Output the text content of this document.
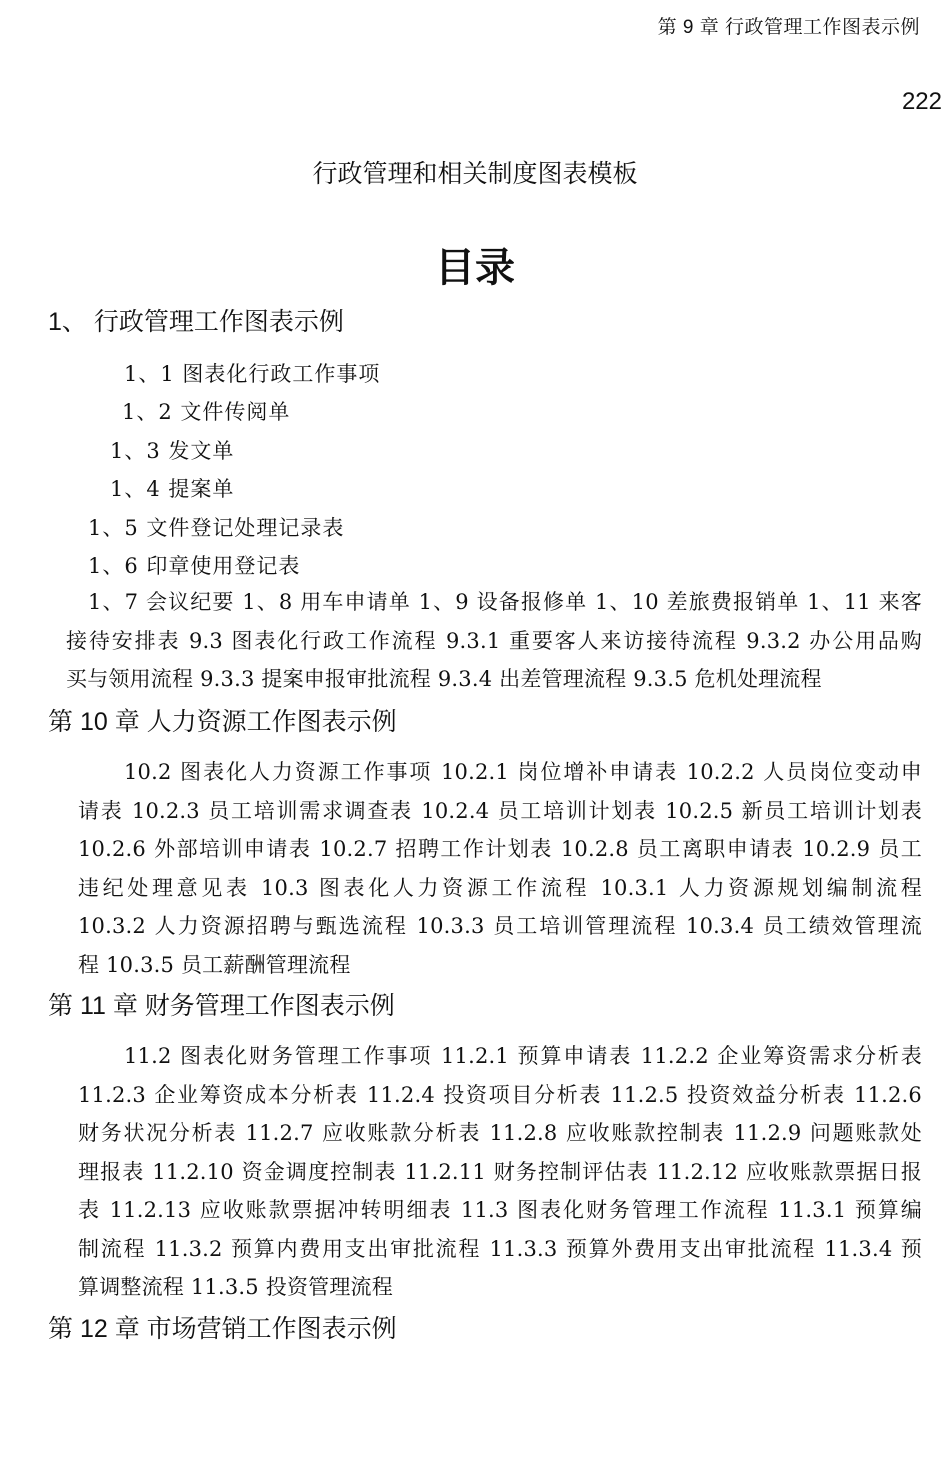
第 9 章 行政管理工作图表示例
222
行政管理和相关制度图表模板
目录
1、 行政管理工作图表示例
1、1 图表化行政工作事项
1、2 文件传阅单
1、3 发文单
1、4 提案单
1、5 文件登记处理记录表
1、6 印章使用登记表
1、7 会议纪要 1、8 用车申请单 1、9 设备报修单 1、10 差旅费报销单 1、11 来客
接待安排表 9.3 图表化行政工作流程 9.3.1 重要客人来访接待流程 9.3.2 办公用品购
买与领用流程 9.3.3 提案申报审批流程 9.3.4 出差管理流程 9.3.5 危机处理流程
第 10 章 人力资源工作图表示例
10.2 图表化人力资源工作事项 10.2.1 岗位增补申请表 10.2.2 人员岗位变动申
请表 10.2.3 员工培训需求调查表 10.2.4 员工培训计划表 10.2.5 新员工培训计划表
10.2.6 外部培训申请表 10.2.7 招聘工作计划表 10.2.8 员工离职申请表 10.2.9 员工
违纪处理意见表 10.3 图表化人力资源工作流程 10.3.1 人力资源规划编制流程
10.3.2 人力资源招聘与甄选流程 10.3.3 员工培训管理流程 10.3.4 员工绩效管理流
程 10.3.5 员工薪酬管理流程
第 11 章 财务管理工作图表示例
11.2 图表化财务管理工作事项 11.2.1 预算申请表 11.2.2 企业筹资需求分析表
11.2.3 企业筹资成本分析表 11.2.4 投资项目分析表 11.2.5 投资效益分析表 11.2.6
财务状况分析表 11.2.7 应收账款分析表 11.2.8 应收账款控制表 11.2.9 问题账款处
理报表 11.2.10 资金调度控制表 11.2.11 财务控制评估表 11.2.12 应收账款票据日报
表 11.2.13 应收账款票据冲转明细表 11.3 图表化财务管理工作流程 11.3.1 预算编
制流程 11.3.2 预算内费用支出审批流程 11.3.3 预算外费用支出审批流程 11.3.4 预
算调整流程 11.3.5 投资管理流程
第 12 章 市场营销工作图表示例
